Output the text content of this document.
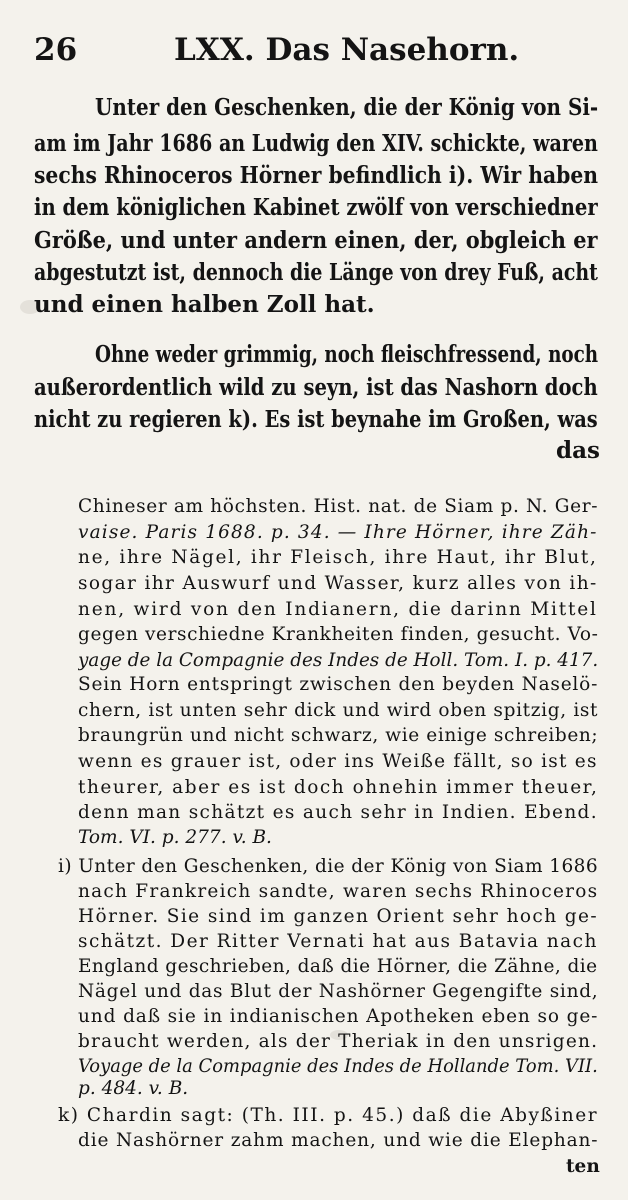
26	LXX. Das Nasehorn.
Unter den Geschenken, die der König von Si-
am im Jahr 1686 an Ludwig den XIV. schickte, waren
sechs Rhinoceros Hörner befindlich i). Wir haben
in dem königlichen Kabinet zwölf von verschiedner
Größe, und unter andern einen, der, obgleich er
abgestutzt ist, dennoch die Länge von drey Fuß, acht
und einen halben Zoll hat.
Ohne weder grimmig, noch fleischfressend, noch
außerordentlich wild zu seyn, ist das Nashorn doch
nicht zu regieren k). Es ist beynahe im Großen, was
das
Chineser am höchsten. Hist. nat. de Siam p. N. Ger-
vaise. Paris 1688. p. 34. — Ihre Hörner, ihre Zäh-
ne, ihre Nägel, ihr Fleisch, ihre Haut, ihr Blut,
sogar ihr Auswurf und Wasser, kurz alles von ih-
nen, wird von den Indianern, die darinn Mittel
gegen verschiedne Krankheiten finden, gesucht. Vo-
yage de la Compagnie des Indes de Holl. Tom. I. p. 417.
Sein Horn entspringt zwischen den beyden Naselö-
chern, ist unten sehr dick und wird oben spitzig, ist
braungrün und nicht schwarz, wie einige schreiben;
wenn es grauer ist, oder ins Weiße fällt, so ist es
theurer, aber es ist doch ohnehin immer theuer,
denn man schätzt es auch sehr in Indien. Ebend.
Tom. VI. p. 277. v. B.
i) Unter den Geschenken, die der König von Siam 1686
nach Frankreich sandte, waren sechs Rhinoceros
Hörner. Sie sind im ganzen Orient sehr hoch ge-
schätzt. Der Ritter Vernati hat aus Batavia nach
England geschrieben, daß die Hörner, die Zähne, die
Nägel und das Blut der Nashörner Gegengifte sind,
und daß sie in indianischen Apotheken eben so ge-
braucht werden, als der Theriak in den unsrigen.
Voyage de la Compagnie des Indes de Hollande Tom. VII.
p. 484. v. B.
k) Chardin sagt: (Th. III. p. 45.) daß die Abyßiner
die Nashörner zahm machen, und wie die Elephan-
ten
